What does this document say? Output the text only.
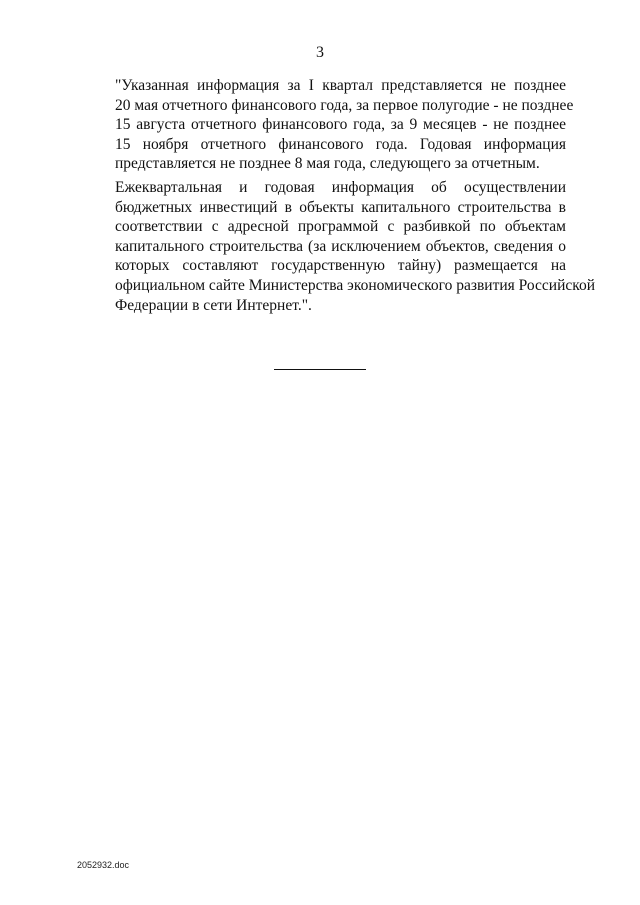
3

"Указанная информация за I квартал представляется не позднее
20 мая отчетного финансового года, за первое полугодие - не позднее
15 августа отчетного финансового года, за 9 месяцев - не позднее
15 ноября отчетного финансового года. Годовая информация
представляется не позднее 8 мая года, следующего за отчетным.

Ежеквартальная и годовая информация об осуществлении
бюджетных инвестиций в объекты капитального строительства в
соответствии с адресной программой с разбивкой по объектам
капитального строительства (за исключением объектов, сведения о
которых составляют государственную тайну) размещается на
официальном сайте Министерства экономического развития Российской
Федерации в сети Интернет.".

2052932.doc
